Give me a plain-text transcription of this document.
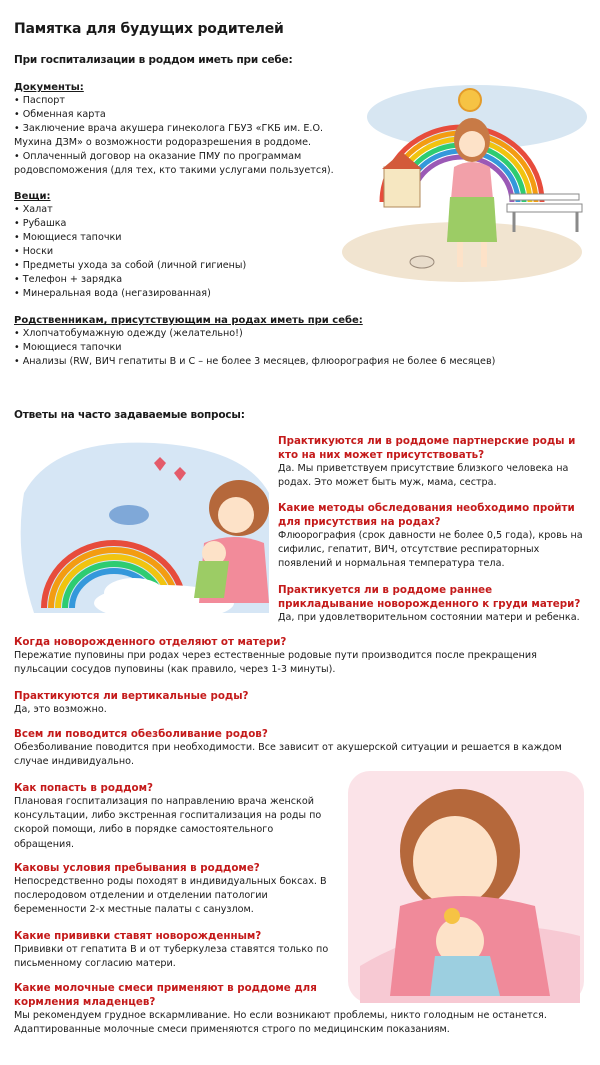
Памятка для будущих родителей
При госпитализации в роддом иметь при себе:
Документы:
• Паспорт
• Обменная карта
• Заключение врача акушера гинеколога ГБУЗ «ГКБ им. Е.О. Мухина ДЗМ» о возможности родоразрешения в роддоме.
• Оплаченный договор на оказание ПМУ по программам родовспоможения (для тех, кто такими услугами пользуется).
Вещи:
• Халат
• Рубашка
• Моющиеся тапочки
• Носки
• Предметы ухода за собой (личной гигиены)
• Телефон + зарядка
• Минеральная вода (негазированная)
Родственникам, присутствующим на родах иметь при себе:
• Хлопчатобумажную одежду (желательно!)
• Моющиеся тапочки
• Анализы (RW, ВИЧ гепатиты В и С – не более 3 месяцев, флюорография не более 6 месяцев)
Ответы на часто задаваемые вопросы:
Практикуются ли в роддоме партнерские роды и кто на них может присутствовать?
Да. Мы приветствуем присутствие близкого человека на родах. Это может быть муж, мама, сестра.
Какие методы обследования необходимо пройти для присутствия на родах?
Флюорография (срок давности не более 0,5 года), кровь на сифилис, гепатит, ВИЧ, отсутствие респираторных появлений и нормальная температура тела.
Практикуется ли в роддоме раннее прикладывание новорожденного к груди матери?
Да, при удовлетворительном состоянии матери и ребенка.
Когда новорожденного отделяют от матери?
Пережатие пуповины при родах через естественные родовые пути производится после прекращения пульсации сосудов пуповины (как правило, через 1-3 минуты).
Практикуются ли вертикальные роды?
Да, это возможно.
Всем ли поводится обезболивание родов?
Обезболивание поводится при необходимости. Все зависит от акушерской ситуации и решается в каждом случае индивидуально.
Как попасть в роддом?
Плановая госпитализация по направлению врача женской консультации, либо экстренная госпитализация на роды по скорой помощи, либо в порядке самостоятельного обращения.
Каковы условия пребывания в роддоме?
Непосредственно роды походят в индивидуальных боксах. В послеродовом отделении и отделении патологии беременности 2-х местные палаты с санузлом.
Какие прививки ставят новорожденным?
Прививки от гепатита В и от туберкулеза ставятся только по письменному согласию матери.
Какие молочные смеси применяют в роддоме для кормления младенцев?
Мы рекомендуем грудное вскармливание. Но если возникают проблемы, никто голодным не останется. Адаптированные молочные смеси применяются строго по медицинским показаниям.
